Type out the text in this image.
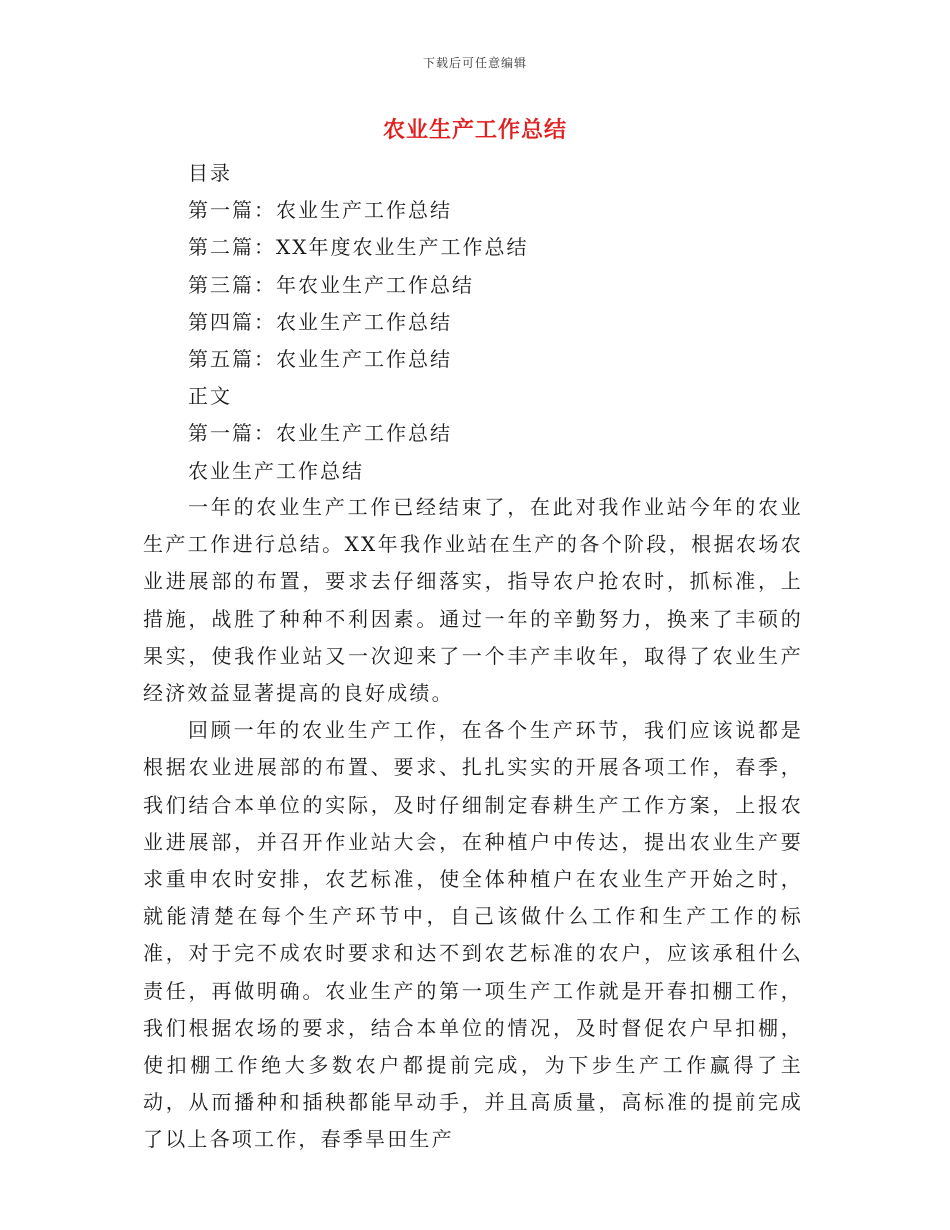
下载后可任意编辑
农业生产工作总结
目录
第一篇：农业生产工作总结
第二篇：XX年度农业生产工作总结
第三篇：年农业生产工作总结
第四篇：农业生产工作总结
第五篇：农业生产工作总结
正文
第一篇：农业生产工作总结
农业生产工作总结

一年的农业生产工作已经结束了，在此对我作业站今年的农业生产工作进行总结。XX年我作业站在生产的各个阶段，根据农场农业进展部的布置，要求去仔细落实，指导农户抢农时，抓标准，上措施，战胜了种种不利因素。通过一年的辛勤努力，换来了丰硕的果实，使我作业站又一次迎来了一个丰产丰收年，取得了农业生产经济效益显著提高的良好成绩。

回顾一年的农业生产工作，在各个生产环节，我们应该说都是根据农业进展部的布置、要求、扎扎实实的开展各项工作，春季，我们结合本单位的实际，及时仔细制定春耕生产工作方案，上报农业进展部，并召开作业站大会，在种植户中传达，提出农业生产要求重申农时安排，农艺标准，使全体种植户在农业生产开始之时，就能清楚在每个生产环节中，自己该做什么工作和生产工作的标准，对于完不成农时要求和达不到农艺标准的农户，应该承租什么责任，再做明确。农业生产的第一项生产工作就是开春扣棚工作，我们根据农场的要求，结合本单位的情况，及时督促农户早扣棚，使扣棚工作绝大多数农户都提前完成，为下步生产工作赢得了主动，从而播种和插秧都能早动手，并且高质量，高标准的提前完成了以上各项工作，春季旱田生产
